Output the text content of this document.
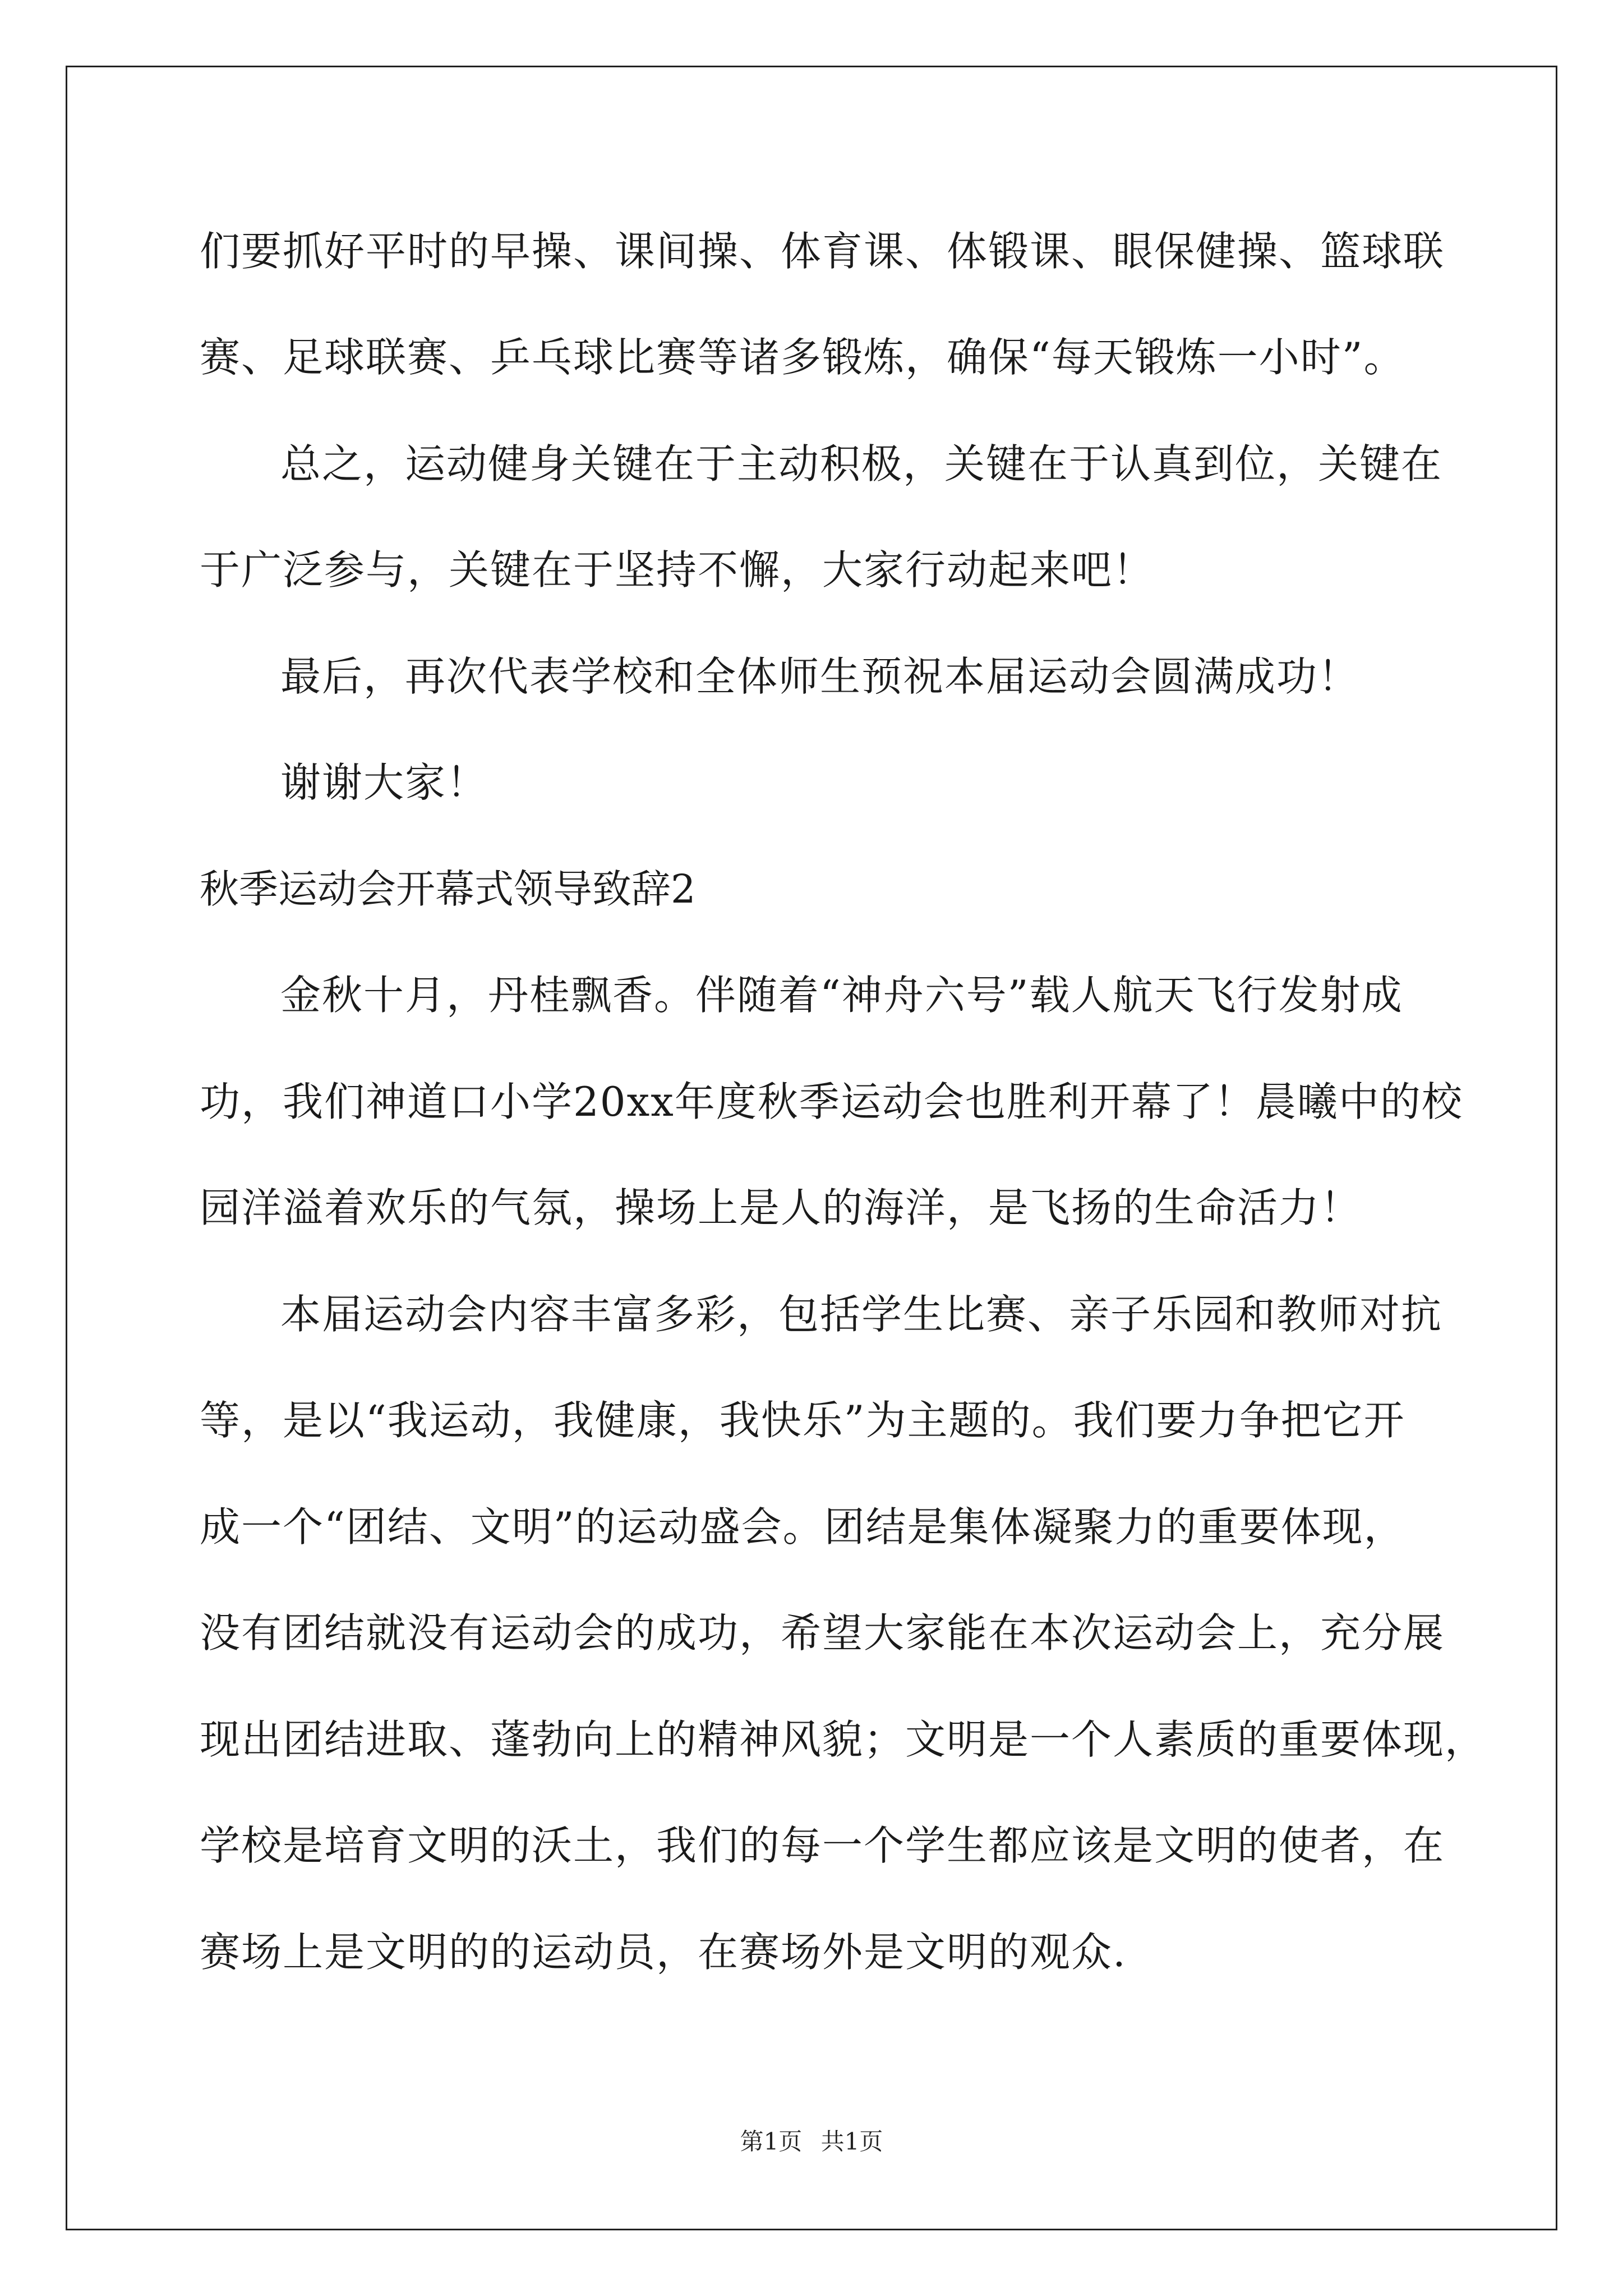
们要抓好平时的早操、课间操、体育课、体锻课、眼保健操、篮球联
赛、足球联赛、乒乓球比赛等诸多锻炼，确保“每天锻炼一小时”。
总之，运动健身关键在于主动积极，关键在于认真到位，关键在
于广泛参与，关键在于坚持不懈，大家行动起来吧！
最后，再次代表学校和全体师生预祝本届运动会圆满成功！
谢谢大家！
秋季运动会开幕式领导致辞2
金秋十月，丹桂飘香。伴随着“神舟六号”载人航天飞行发射成
功，我们神道口小学20xx年度秋季运动会也胜利开幕了！晨曦中的校
园洋溢着欢乐的气氛，操场上是人的海洋，是飞扬的生命活力！
本届运动会内容丰富多彩，包括学生比赛、亲子乐园和教师对抗
等，是以“我运动，我健康，我快乐”为主题的。我们要力争把它开
成一个“团结、文明”的运动盛会。团结是集体凝聚力的重要体现，
没有团结就没有运动会的成功，希望大家能在本次运动会上，充分展
现出团结进取、蓬勃向上的精神风貌；文明是一个人素质的重要体现，
学校是培育文明的沃土，我们的每一个学生都应该是文明的使者，在
赛场上是文明的的运动员，在赛场外是文明的观众.
第1页 共1页
